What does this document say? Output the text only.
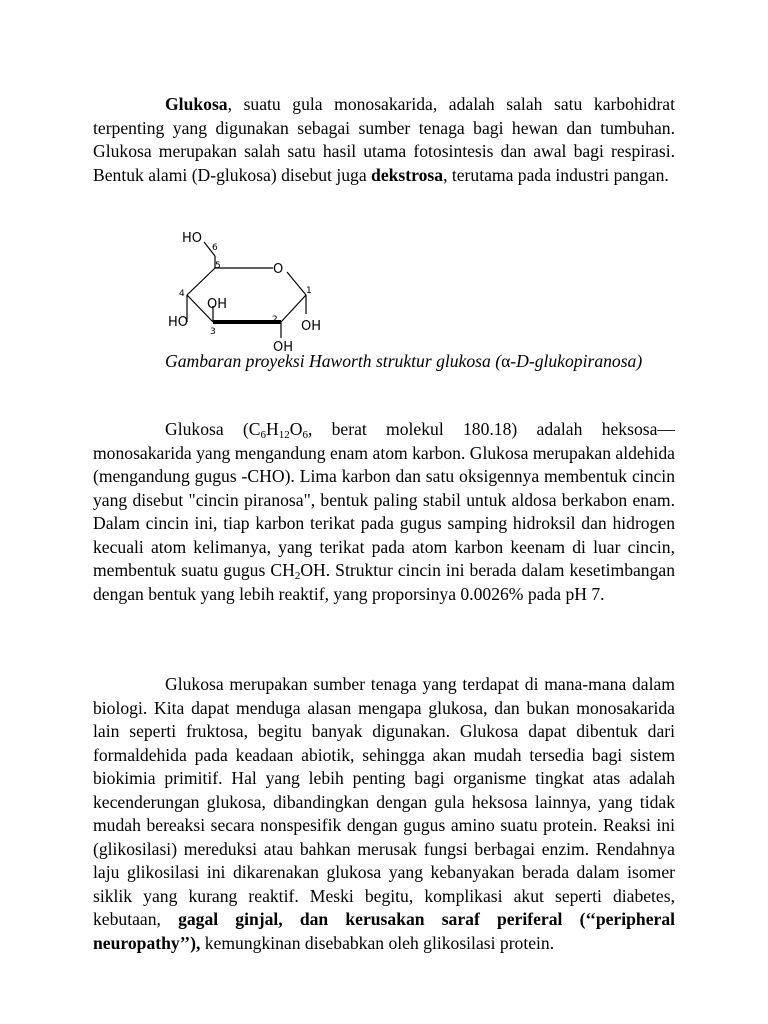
Glukosa, suatu gula monosakarida, adalah salah satu karbohidrat terpenting yang digunakan sebagai sumber tenaga bagi hewan dan tumbuhan. Glukosa merupakan salah satu hasil utama fotosintesis dan awal bagi respirasi. Bentuk alami (D-glukosa) disebut juga dekstrosa, terutama pada industri pangan.

HO
6
5	O
4	1
OH
HO
3
2 OH
OH

Gambaran proyeksi Haworth struktur glukosa (α-D-glukopiranosa)

Glukosa ($C_6H_{12}O_6$, berat molekul 180.18) adalah heksosa—monosakarida yang mengandung enam atom karbon. Glukosa merupakan aldehida (mengandung gugus -CHO). Lima karbon dan satu oksigennya membentuk cincin yang disebut "cincin piranosa", bentuk paling stabil untuk aldosa berkabon enam. Dalam cincin ini, tiap karbon terikat pada gugus samping hidroksil dan hidrogen kecuali atom kelimanya, yang terikat pada atom karbon keenam di luar cincin, membentuk suatu gugus $CH_2OH$. Struktur cincin ini berada dalam kesetimbangan dengan bentuk yang lebih reaktif, yang proporsinya 0.0026% pada pH 7.

Glukosa merupakan sumber tenaga yang terdapat di mana-mana dalam biologi. Kita dapat menduga alasan mengapa glukosa, dan bukan monosakarida lain seperti fruktosa, begitu banyak digunakan. Glukosa dapat dibentuk dari formaldehida pada keadaan abiotik, sehingga akan mudah tersedia bagi sistem biokimia primitif. Hal yang lebih penting bagi organisme tingkat atas adalah kecenderungan glukosa, dibandingkan dengan gula heksosa lainnya, yang tidak mudah bereaksi secara nonspesifik dengan gugus amino suatu protein. Reaksi ini (glikosilasi) mereduksi atau bahkan merusak fungsi berbagai enzim. Rendahnya laju glikosilasi ini dikarenakan glukosa yang kebanyakan berada dalam isomer siklik yang kurang reaktif. Meski begitu, komplikasi akut seperti diabetes, kebutaan, gagal ginjal, dan kerusakan saraf periferal (‘‘peripheral neuropathy’’), kemungkinan disebabkan oleh glikosilasi protein.
